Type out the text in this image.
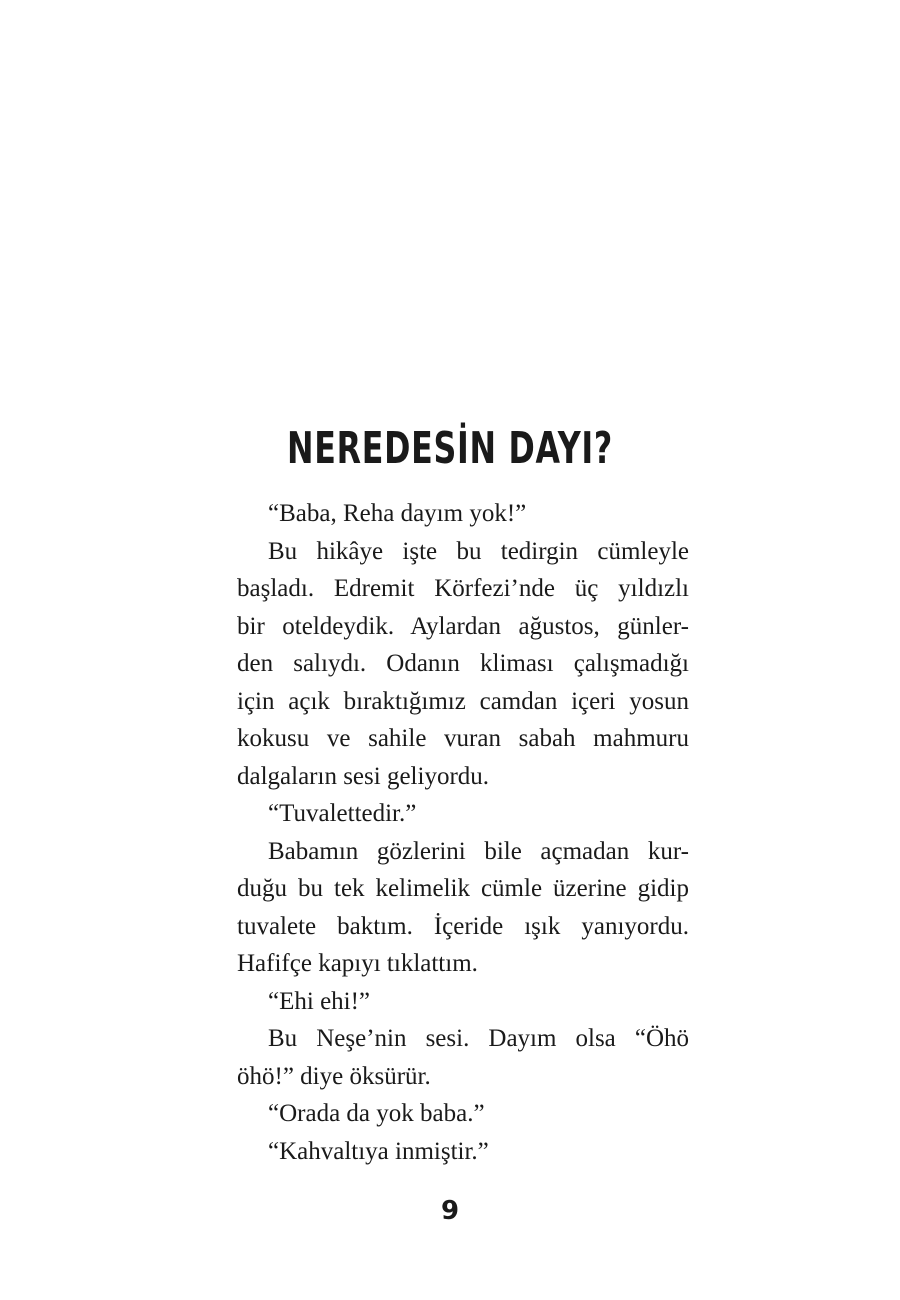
NEREDESİN DAYI?
“Baba, Reha dayım yok!”
Bu hikâye işte bu tedirgin cümleyle
başladı. Edremit Körfezi’nde üç yıldızlı
bir oteldeydik. Aylardan ağustos, günler-
den salıydı. Odanın kliması çalışmadığı
için açık bıraktığımız camdan içeri yosun
kokusu ve sahile vuran sabah mahmuru
dalgaların sesi geliyordu.
“Tuvalettedir.”
Babamın gözlerini bile açmadan kur-
duğu bu tek kelimelik cümle üzerine gidip
tuvalete baktım. İçeride ışık yanıyordu.
Hafifçe kapıyı tıklattım.
“Ehi ehi!”
Bu Neşe’nin sesi. Dayım olsa “Öhö
öhö!” diye öksürür.
“Orada da yok baba.”
“Kahvaltıya inmiştir.”

9
